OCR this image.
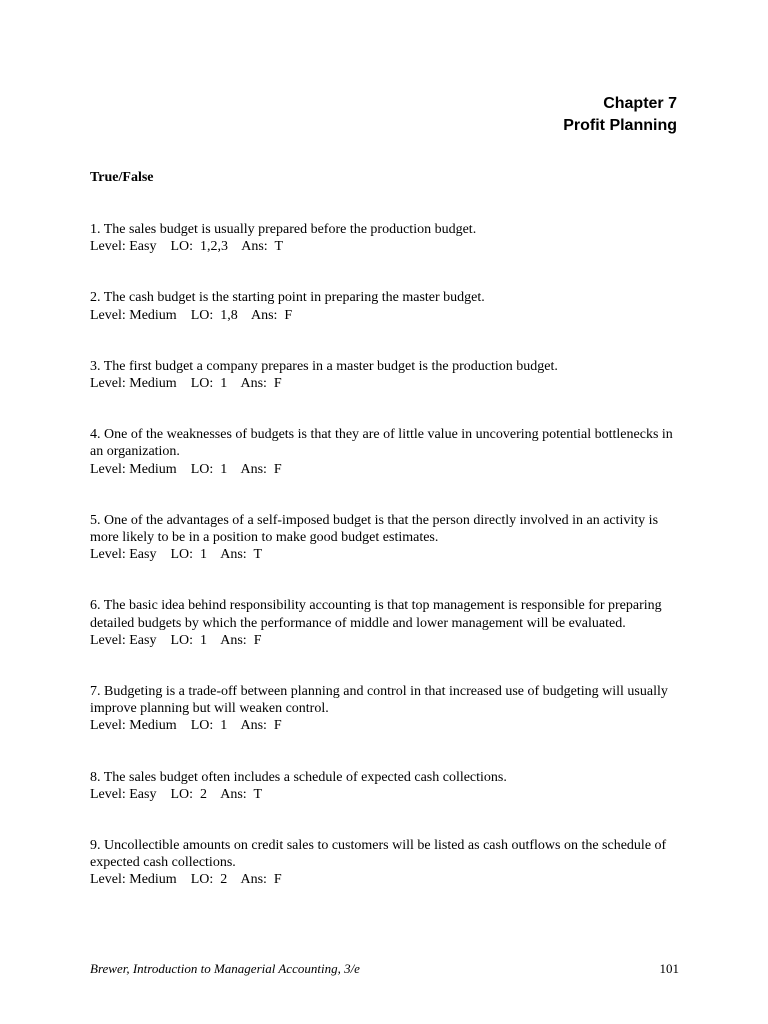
Chapter 7
Profit Planning
True/False
1. The sales budget is usually prepared before the production budget.
Level: Easy    LO:  1,2,3    Ans:  T
2. The cash budget is the starting point in preparing the master budget.
Level: Medium    LO:  1,8    Ans:  F
3. The first budget a company prepares in a master budget is the production budget.
Level: Medium    LO:  1    Ans:  F
4. One of the weaknesses of budgets is that they are of little value in uncovering potential bottlenecks in an organization.
Level: Medium    LO:  1    Ans:  F
5. One of the advantages of a self-imposed budget is that the person directly involved in an activity is more likely to be in a position to make good budget estimates.
Level: Easy    LO:  1    Ans:  T
6. The basic idea behind responsibility accounting is that top management is responsible for preparing detailed budgets by which the performance of middle and lower management will be evaluated.
Level: Easy    LO:  1    Ans:  F
7. Budgeting is a trade-off between planning and control in that increased use of budgeting will usually improve planning but will weaken control.
Level: Medium    LO:  1    Ans:  F
8. The sales budget often includes a schedule of expected cash collections.
Level: Easy    LO:  2    Ans:  T
9. Uncollectible amounts on credit sales to customers will be listed as cash outflows on the schedule of expected cash collections.
Level: Medium    LO:  2    Ans:  F
Brewer, Introduction to Managerial Accounting, 3/e	101
